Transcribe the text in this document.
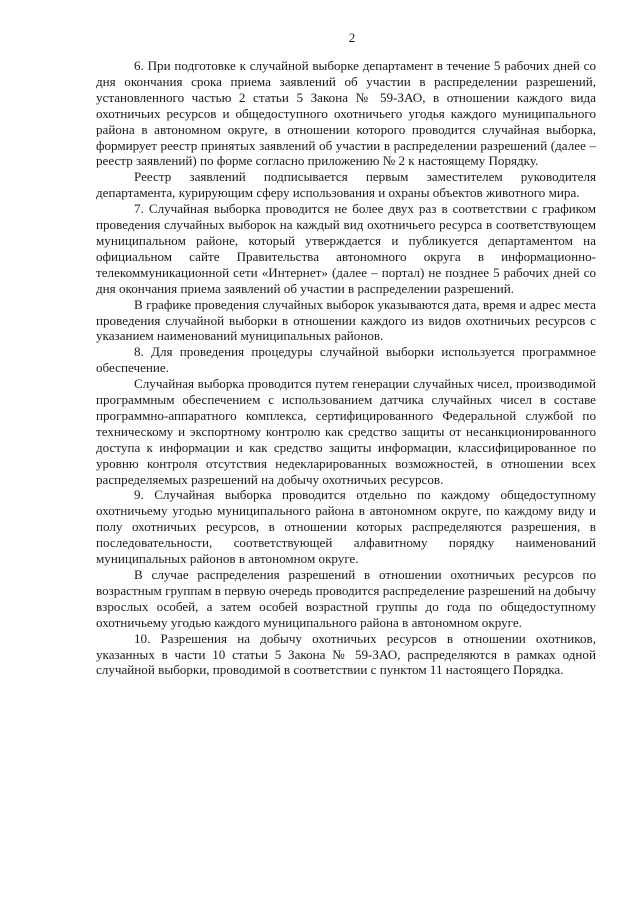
2

6. При подготовке к случайной выборке департамент в течение 5 рабочих дней со дня окончания срока приема заявлений об участии в распределении разрешений, установленного частью 2 статьи 5 Закона № 59-ЗАО, в отношении каждого вида охотничьих ресурсов и общедоступного охотничьего угодья каждого муниципального района в автономном округе, в отношении которого проводится случайная выборка, формирует реестр принятых заявлений об участии в распределении разрешений (далее – реестр заявлений) по форме согласно приложению № 2 к настоящему Порядку.

Реестр заявлений подписывается первым заместителем руководителя департамента, курирующим сферу использования и охраны объектов животного мира.

7. Случайная выборка проводится не более двух раз в соответствии с графиком проведения случайных выборок на каждый вид охотничьего ресурса в соответствующем муниципальном районе, который утверждается и публикуется департаментом на официальном сайте Правительства автономного округа в информационно-телекоммуникационной сети «Интернет» (далее – портал) не позднее 5 рабочих дней со дня окончания приема заявлений об участии в распределении разрешений.

В графике проведения случайных выборок указываются дата, время и адрес места проведения случайной выборки в отношении каждого из видов охотничьих ресурсов с указанием наименований муниципальных районов.

8. Для проведения процедуры случайной выборки используется программное обеспечение.

Случайная выборка проводится путем генерации случайных чисел, производимой программным обеспечением с использованием датчика случайных чисел в составе программно-аппаратного комплекса, сертифицированного Федеральной службой по техническому и экспортному контролю как средство защиты от несанкционированного доступа к информации и как средство защиты информации, классифицированное по уровню контроля отсутствия недекларированных возможностей, в отношении всех распределяемых разрешений на добычу охотничьих ресурсов.

9. Случайная выборка проводится отдельно по каждому общедоступному охотничьему угодью муниципального района в автономном округе, по каждому виду и полу охотничьих ресурсов, в отношении которых распределяются разрешения, в последовательности, соответствующей алфавитному порядку наименований муниципальных районов в автономном округе.

В случае распределения разрешений в отношении охотничьих ресурсов по возрастным группам в первую очередь проводится распределение разрешений на добычу взрослых особей, а затем особей возрастной группы до года по общедоступному охотничьему угодью каждого муниципального района в автономном округе.

10. Разрешения на добычу охотничьих ресурсов в отношении охотников, указанных в части 10 статьи 5 Закона № 59-ЗАО, распределяются в рамках одной случайной выборки, проводимой в соответствии с пунктом 11 настоящего Порядка.
